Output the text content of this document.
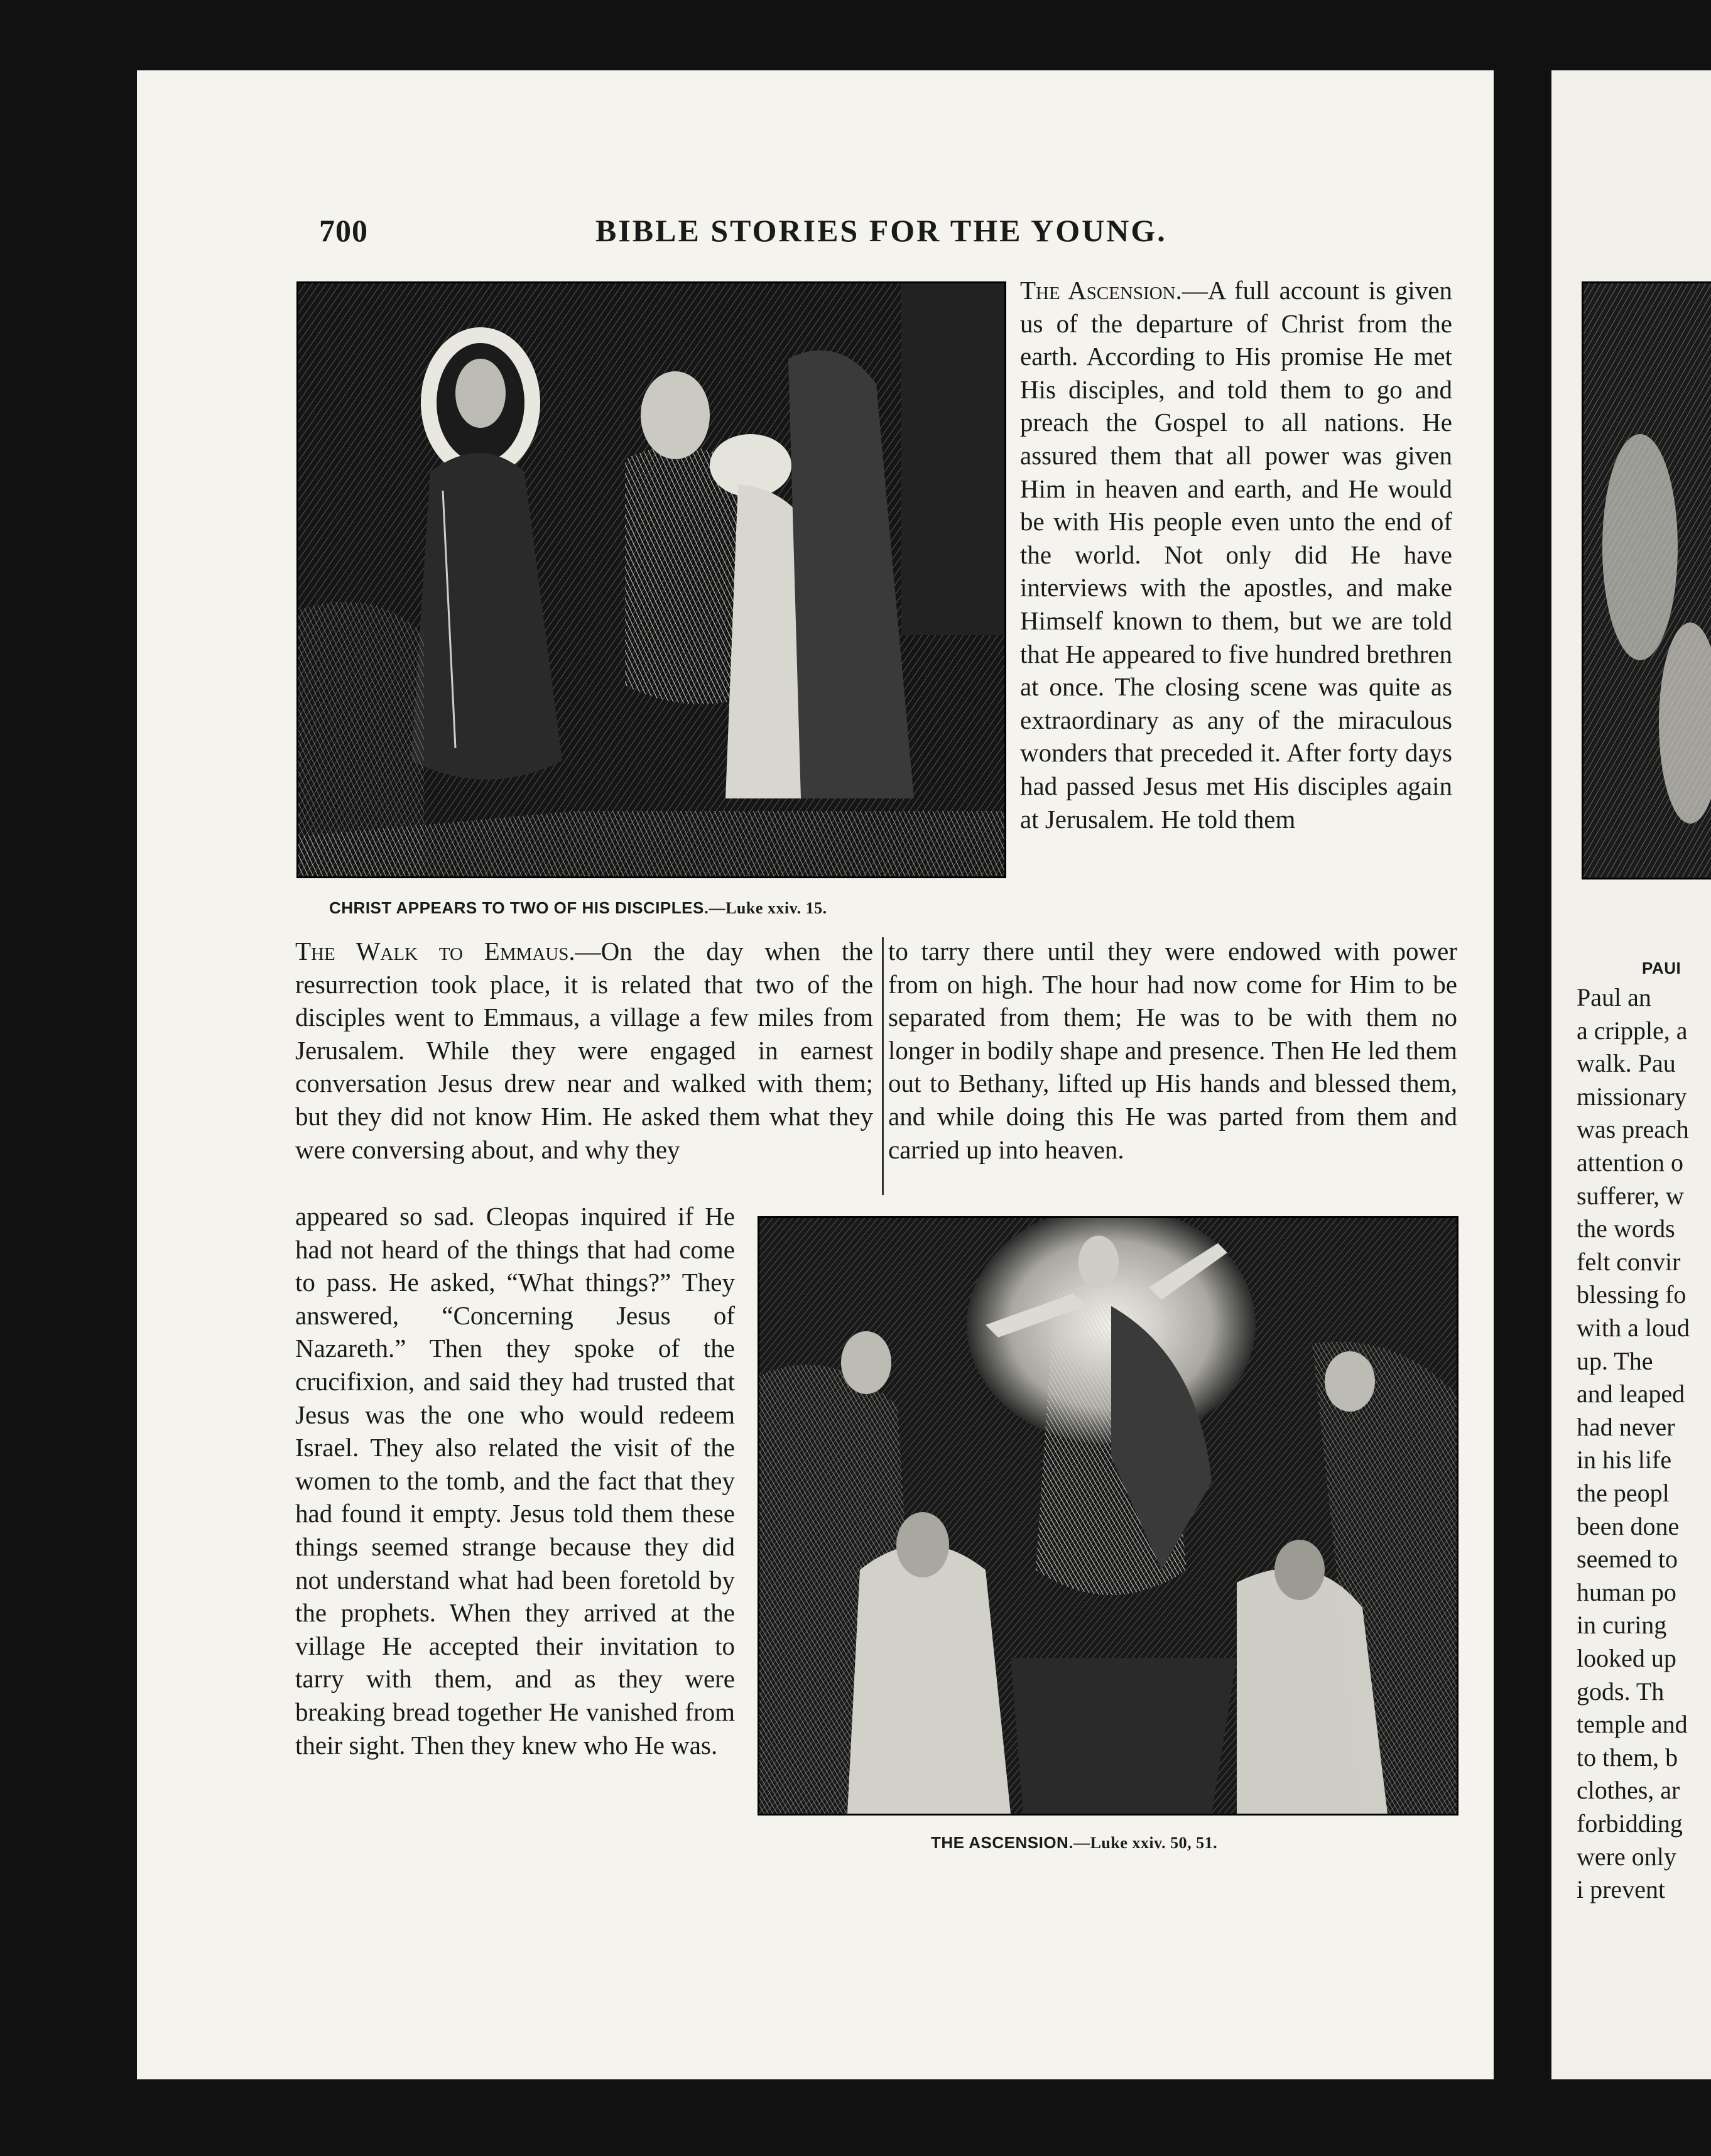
700	BIBLE STORIES FOR THE YOUNG.
CHRIST APPEARS TO TWO OF HIS DISCIPLES.—Luke xxiv. 15.

The Ascension.—A full account is given us of the departure of Christ from the earth. According to His promise He met His disciples, and told them to go and preach the Gospel to all nations. He assured them that all power was given Him in heaven and earth, and He would be with His people even unto the end of the world. Not only did He have interviews with the apostles, and make Himself known to them, but we are told that He appeared to five hundred brethren at once. The closing scene was quite as extraordinary as any of the miraculous wonders that preceded it. After forty days had passed Jesus met His disciples again at Jerusalem. He told them

The Walk to Emmaus.—On the day when the resurrection took place, it is related that two of the disciples went to Emmaus, a village a few miles from Jerusalem. While they were engaged in earnest conversation Jesus drew near and walked with them; but they did not know Him. He asked them what they were conversing about, and why they

to tarry there until they were endowed with power from on high. The hour had now come for Him to be separated from them; He was to be with them no longer in bodily shape and presence. Then He led them out to Bethany, lifted up His hands and blessed them, and while doing this He was parted from them and carried up into heaven.

appeared so sad. Cleopas inquired if He had not heard of the things that had come to pass. He asked, “What things?” They answered, “Concerning Jesus of Nazareth.” Then they spoke of the crucifixion, and said they had trusted that Jesus was the one who would redeem Israel. They also related the visit of the women to the tomb, and the fact that they had found it empty. Jesus told them these things seemed strange because they did not understand what had been foretold by the prophets. When they arrived at the village He accepted their invitation to tarry with them, and as they were breaking bread together He vanished from their sight. Then they knew who He was.

THE ASCENSION.—Luke xxiv. 50, 51.
PAUI
Paul an
a cripple, a
walk. Pau
missionary
was preach
attention o
sufferer, w
the words
felt convir
blessing fo
with a loud
up. The
and leaped
had never
in his life
the peopl
been done
seemed to
human po
in curing
looked up
gods. Th
temple and
to them, b
clothes, ar
forbidding
were only
i prevent
